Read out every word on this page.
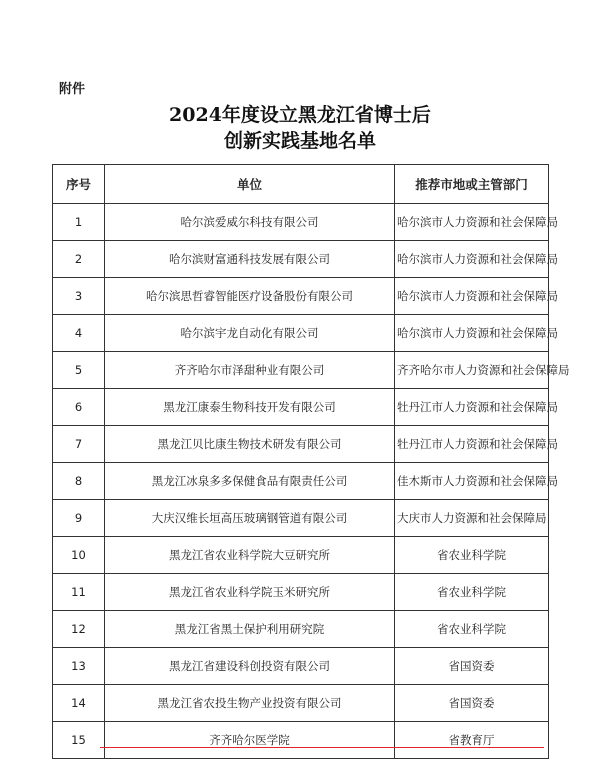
附件
2024年度设立黑龙江省博士后
创新实践基地名单
序号	单位	推荐市地或主管部门
1	哈尔滨爱威尔科技有限公司	哈尔滨市人力资源和社会保障局
2	哈尔滨财富通科技发展有限公司	哈尔滨市人力资源和社会保障局
3	哈尔滨思哲睿智能医疗设备股份有限公司	哈尔滨市人力资源和社会保障局
4	哈尔滨宇龙自动化有限公司	哈尔滨市人力资源和社会保障局
5	齐齐哈尔市泽甜种业有限公司	齐齐哈尔市人力资源和社会保障局
6	黑龙江康泰生物科技开发有限公司	牡丹江市人力资源和社会保障局
7	黑龙江贝比康生物技术研发有限公司	牡丹江市人力资源和社会保障局
8	黑龙江冰泉多多保健食品有限责任公司	佳木斯市人力资源和社会保障局
9	大庆汉维长垣高压玻璃钢管道有限公司	大庆市人力资源和社会保障局
10	黑龙江省农业科学院大豆研究所	省农业科学院
11	黑龙江省农业科学院玉米研究所	省农业科学院
12	黑龙江省黑土保护利用研究院	省农业科学院
13	黑龙江省建设科创投资有限公司	省国资委
14	黑龙江省农投生物产业投资有限公司	省国资委
15	齐齐哈尔医学院	省教育厅
